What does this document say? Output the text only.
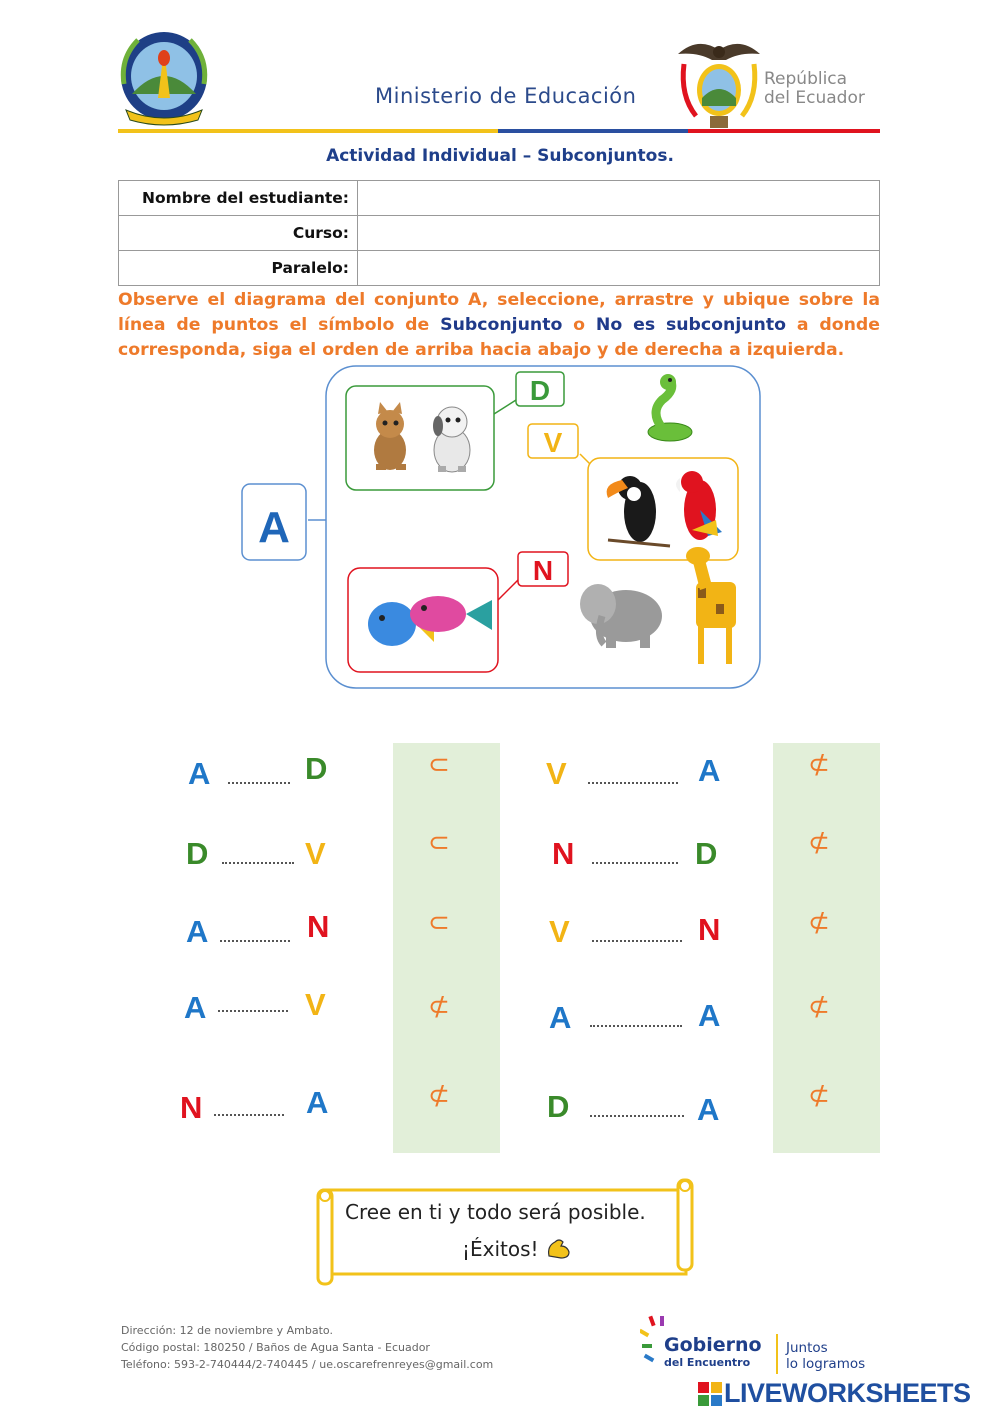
Ministerio de Educación
República
del Ecuador
Actividad Individual – Subconjuntos.
Nombre del estudiante:	
Curso:	
Paralelo:	
Observe el diagrama del conjunto A, seleccione, arrastre y ubique sobre la línea de puntos el símbolo de Subconjunto o No es subconjunto a donde corresponda, siga el orden de arriba hacia abajo y de derecha a izquierda.
A
D
V
N
A	D	⊂
D	V	⊂
A	N	⊂
A	V	⊄
N	A	⊄
V	A	⊄
N	D	⊄
V	N	⊄
A	A	⊄
D	A	⊄
Cree en ti y todo será posible.
¡Éxitos!
Dirección: 12 de noviembre y Ambato.
Código postal: 180250 / Baños de Agua Santa - Ecuador
Teléfono: 593-2-740444/2-740445 / ue.oscarefrenreyes@gmail.com
Gobierno
del Encuentro
Juntos
lo logramos
LIVEWORKSHEETS
